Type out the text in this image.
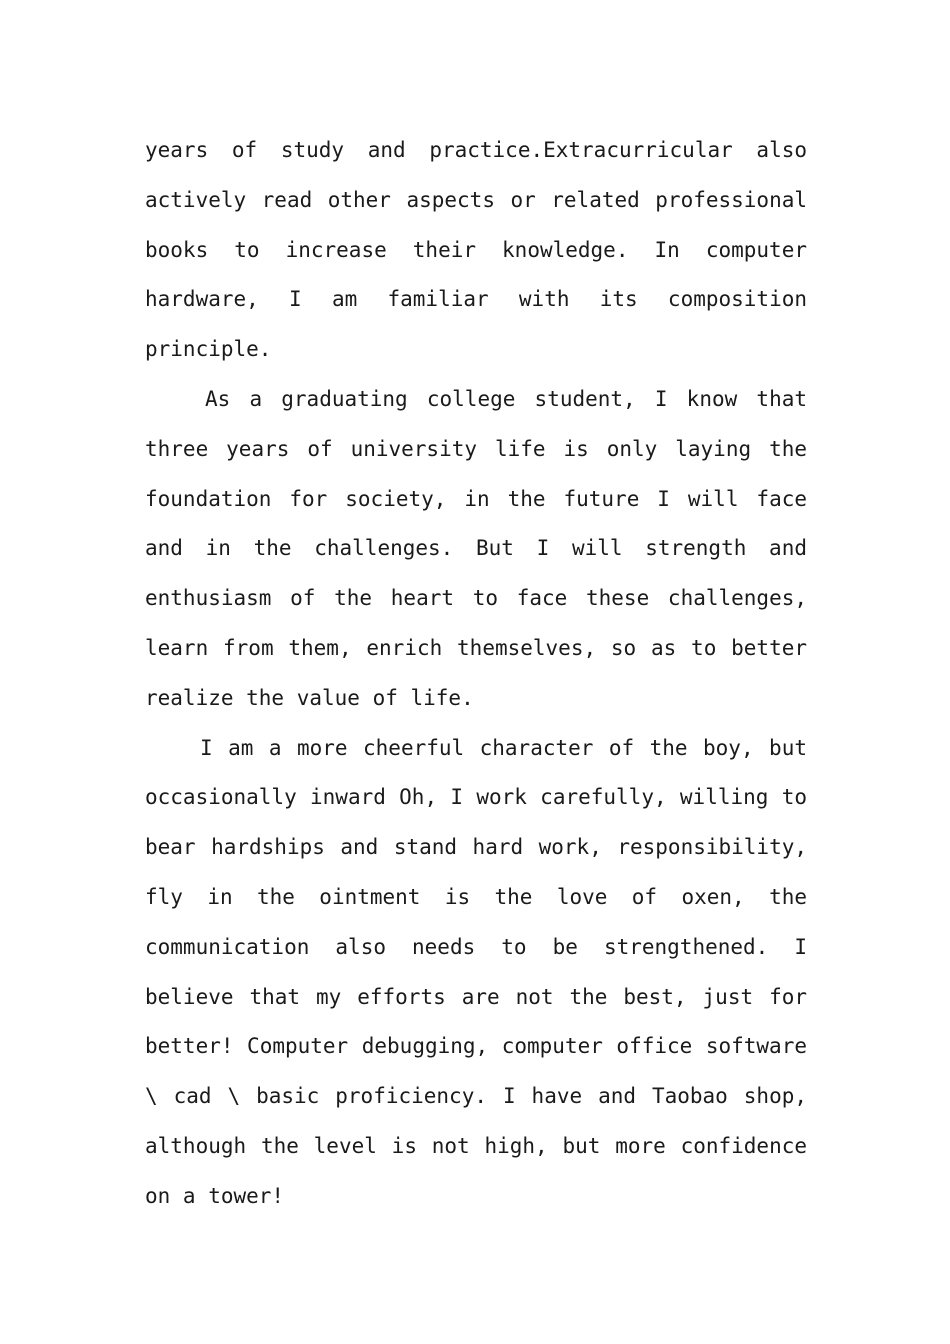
years of study and practice.Extracurricular also actively read other aspects or related professional books to increase their knowledge. In computer hardware, I am familiar with its composition principle.

As a graduating college student, I know that three years of university life is only laying the foundation for society, in the future I will face and in the challenges. But I will strength and enthusiasm of the heart to face these challenges, learn from them, enrich themselves, so as to better realize the value of life.

I am a more cheerful character of the boy, but occasionally inward Oh, I work carefully, willing to bear hardships and stand hard work, responsibility, fly in the ointment is the love of oxen, the communication also needs to be strengthened. I believe that my efforts are not the best, just for better! Computer debugging, computer office software \ cad \ basic proficiency. I have and Taobao shop, although the level is not high, but more confidence on a tower!
